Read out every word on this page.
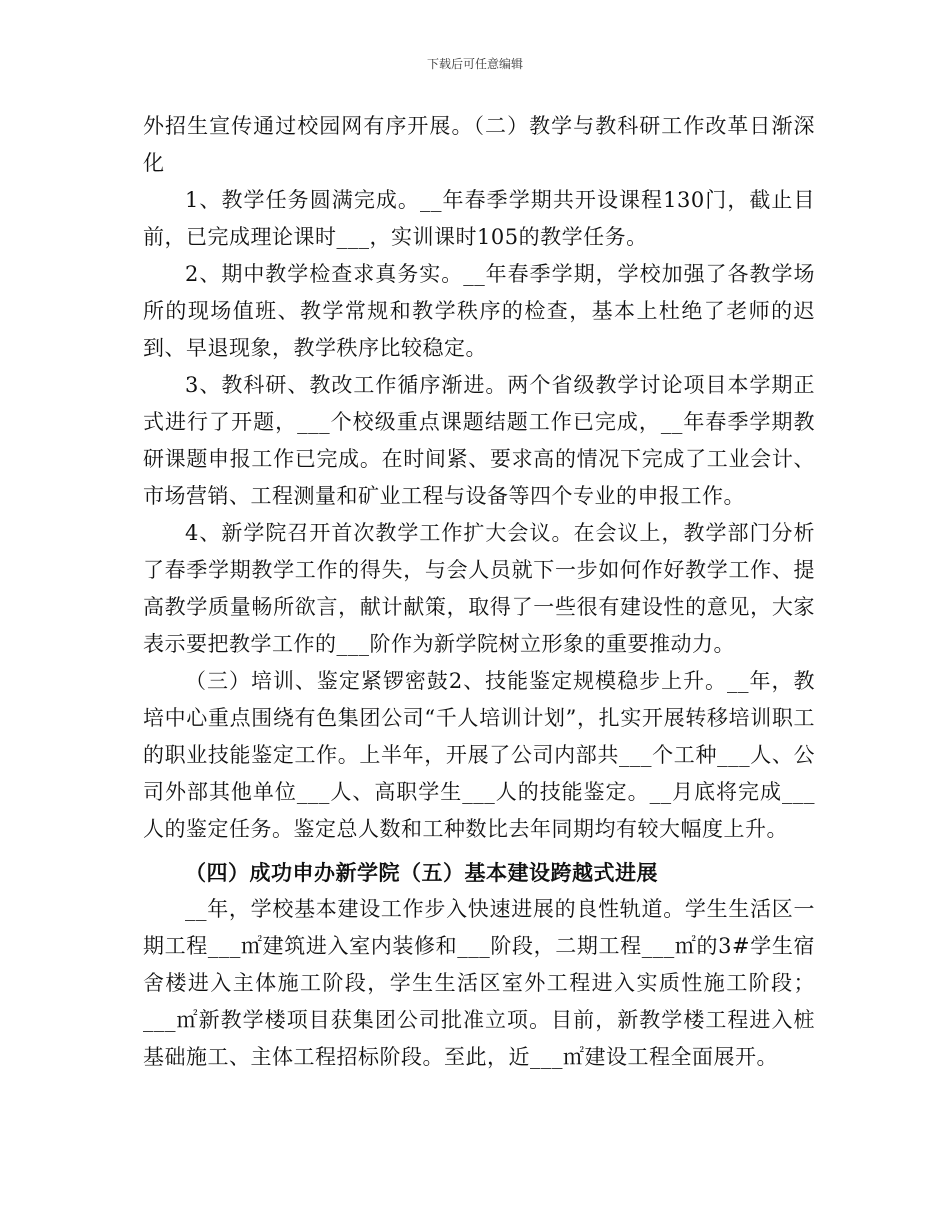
下载后可任意编辑

外招生宣传通过校园网有序开展。（二）教学与教科研工作改革日渐深化

1、教学任务圆满完成。__年春季学期共开设课程130门，截止目前，已完成理论课时___，实训课时105的教学任务。

2、期中教学检查求真务实。__年春季学期，学校加强了各教学场所的现场值班、教学常规和教学秩序的检查，基本上杜绝了老师的迟到、早退现象，教学秩序比较稳定。

3、教科研、教改工作循序渐进。两个省级教学讨论项目本学期正式进行了开题，___个校级重点课题结题工作已完成，__年春季学期教研课题申报工作已完成。在时间紧、要求高的情况下完成了工业会计、市场营销、工程测量和矿业工程与设备等四个专业的申报工作。

4、新学院召开首次教学工作扩大会议。在会议上，教学部门分析了春季学期教学工作的得失，与会人员就下一步如何作好教学工作、提高教学质量畅所欲言，献计献策，取得了一些很有建设性的意见，大家表示要把教学工作的___阶作为新学院树立形象的重要推动力。

（三）培训、鉴定紧锣密鼓2、技能鉴定规模稳步上升。__年，教培中心重点围绕有色集团公司“千人培训计划”，扎实开展转移培训职工的职业技能鉴定工作。上半年，开展了公司内部共___个工种___人、公司外部其他单位___人、高职学生___人的技能鉴定。__月底将完成___人的鉴定任务。鉴定总人数和工种数比去年同期均有较大幅度上升。

（四）成功申办新学院（五）基本建设跨越式进展

__年，学校基本建设工作步入快速进展的良性轨道。学生生活区一期工程___㎡建筑进入室内装修和___阶段，二期工程___㎡的3#学生宿舍楼进入主体施工阶段，学生生活区室外工程进入实质性施工阶段；___㎡新教学楼项目获集团公司批准立项。目前，新教学楼工程进入桩基础施工、主体工程招标阶段。至此，近___㎡建设工程全面展开。
